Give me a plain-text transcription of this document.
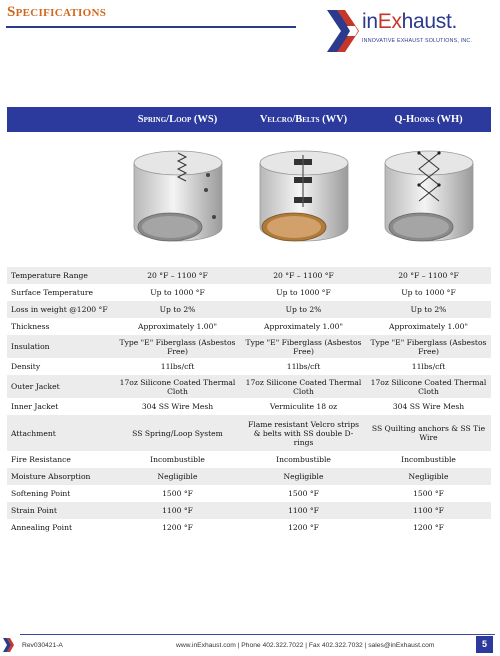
Specifications	inExhaust.
INNOVATIVE EXHAUST SOLUTIONS, INC.
	Spring/Loop (WS)	Velcro/Belts (WV)	Q-Hooks (WH)

Temperature Range	20 °F – 1100 °F	20 °F – 1100 °F	20 °F – 1100 °F
Surface Temperature	Up to 1000 °F	Up to 1000 °F	Up to 1000 °F
Loss in weight @1200 °F	Up to 2%	Up to 2%	Up to 2%
Thickness	Approximately 1.00"	Approximately 1.00"	Approximately 1.00"
Insulation	Type "E" Fiberglass (Asbestos Free)	Type "E" Fiberglass (Asbestos Free)	Type "E" Fiberglass (Asbestos Free)
Density	11lbs/cft	11lbs/cft	11lbs/cft
Outer Jacket	17oz Silicone Coated Thermal Cloth	17oz Silicone Coated Thermal Cloth	17oz Silicone Coated Thermal Cloth
Inner Jacket	304 SS Wire Mesh	Vermiculite 18 oz	304 SS Wire Mesh
Attachment	SS Spring/Loop System	Flame resistant Velcro strips & belts with SS double D-rings	SS Quilting anchors & SS Tie Wire
Fire Resistance	Incombustible	Incombustible	Incombustible
Moisture Absorption	Negligible	Negligible	Negligible
Softening Point	1500 °F	1500 °F	1500 °F
Strain Point	1100 °F	1100 °F	1100 °F
Annealing Point	1200 °F	1200 °F	1200 °F
Rev030421-A	www.inExhaust.com | Phone 402.322.7022 | Fax 402.322.7032 | sales@inExhaust.com	5
